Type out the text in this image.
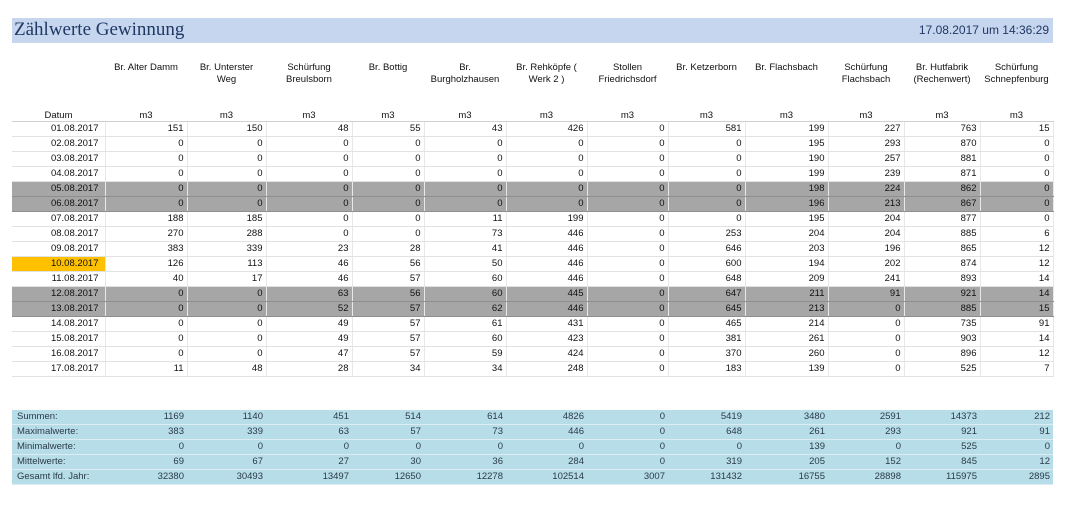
Zählwerte Gewinnung	17.08.2017 um 14:36:29
	Br. Alter Damm	Br. Unterster Weg	Schürfung Breulsborn	Br. Bottig	Br. Burgholzhausen	Br. Rehköpfe ( Werk 2 )	Stollen Friedrichsdorf	Br. Ketzerborn	Br. Flachsbach	Schürfung Flachsbach	Br. Hutfabrik (Rechenwert)	Schürfung Schnepfenburg
Datum	m3	m3	m3	m3	m3	m3	m3	m3	m3	m3	m3	m3
01.08.2017	151	150	48	55	43	426	0	581	199	227	763	15
02.08.2017	0	0	0	0	0	0	0	0	195	293	870	0
03.08.2017	0	0	0	0	0	0	0	0	190	257	881	0
04.08.2017	0	0	0	0	0	0	0	0	199	239	871	0
05.08.2017	0	0	0	0	0	0	0	0	198	224	862	0
06.08.2017	0	0	0	0	0	0	0	0	196	213	867	0
07.08.2017	188	185	0	0	11	199	0	0	195	204	877	0
08.08.2017	270	288	0	0	73	446	0	253	204	204	885	6
09.08.2017	383	339	23	28	41	446	0	646	203	196	865	12
10.08.2017	126	113	46	56	50	446	0	600	194	202	874	12
11.08.2017	40	17	46	57	60	446	0	648	209	241	893	14
12.08.2017	0	0	63	56	60	445	0	647	211	91	921	14
13.08.2017	0	0	52	57	62	446	0	645	213	0	885	15
14.08.2017	0	0	49	57	61	431	0	465	214	0	735	91
15.08.2017	0	0	49	57	60	423	0	381	261	0	903	14
16.08.2017	0	0	47	57	59	424	0	370	260	0	896	12
17.08.2017	11	48	28	34	34	248	0	183	139	0	525	7
Summen:	1169	1140	451	514	614	4826	0	5419	3480	2591	14373	212
Maximalwerte:	383	339	63	57	73	446	0	648	261	293	921	91
Minimalwerte:	0	0	0	0	0	0	0	0	139	0	525	0
Mittelwerte:	69	67	27	30	36	284	0	319	205	152	845	12
Gesamt lfd. Jahr:	32380	30493	13497	12650	12278	102514	3007	131432	16755	28898	115975	2895
